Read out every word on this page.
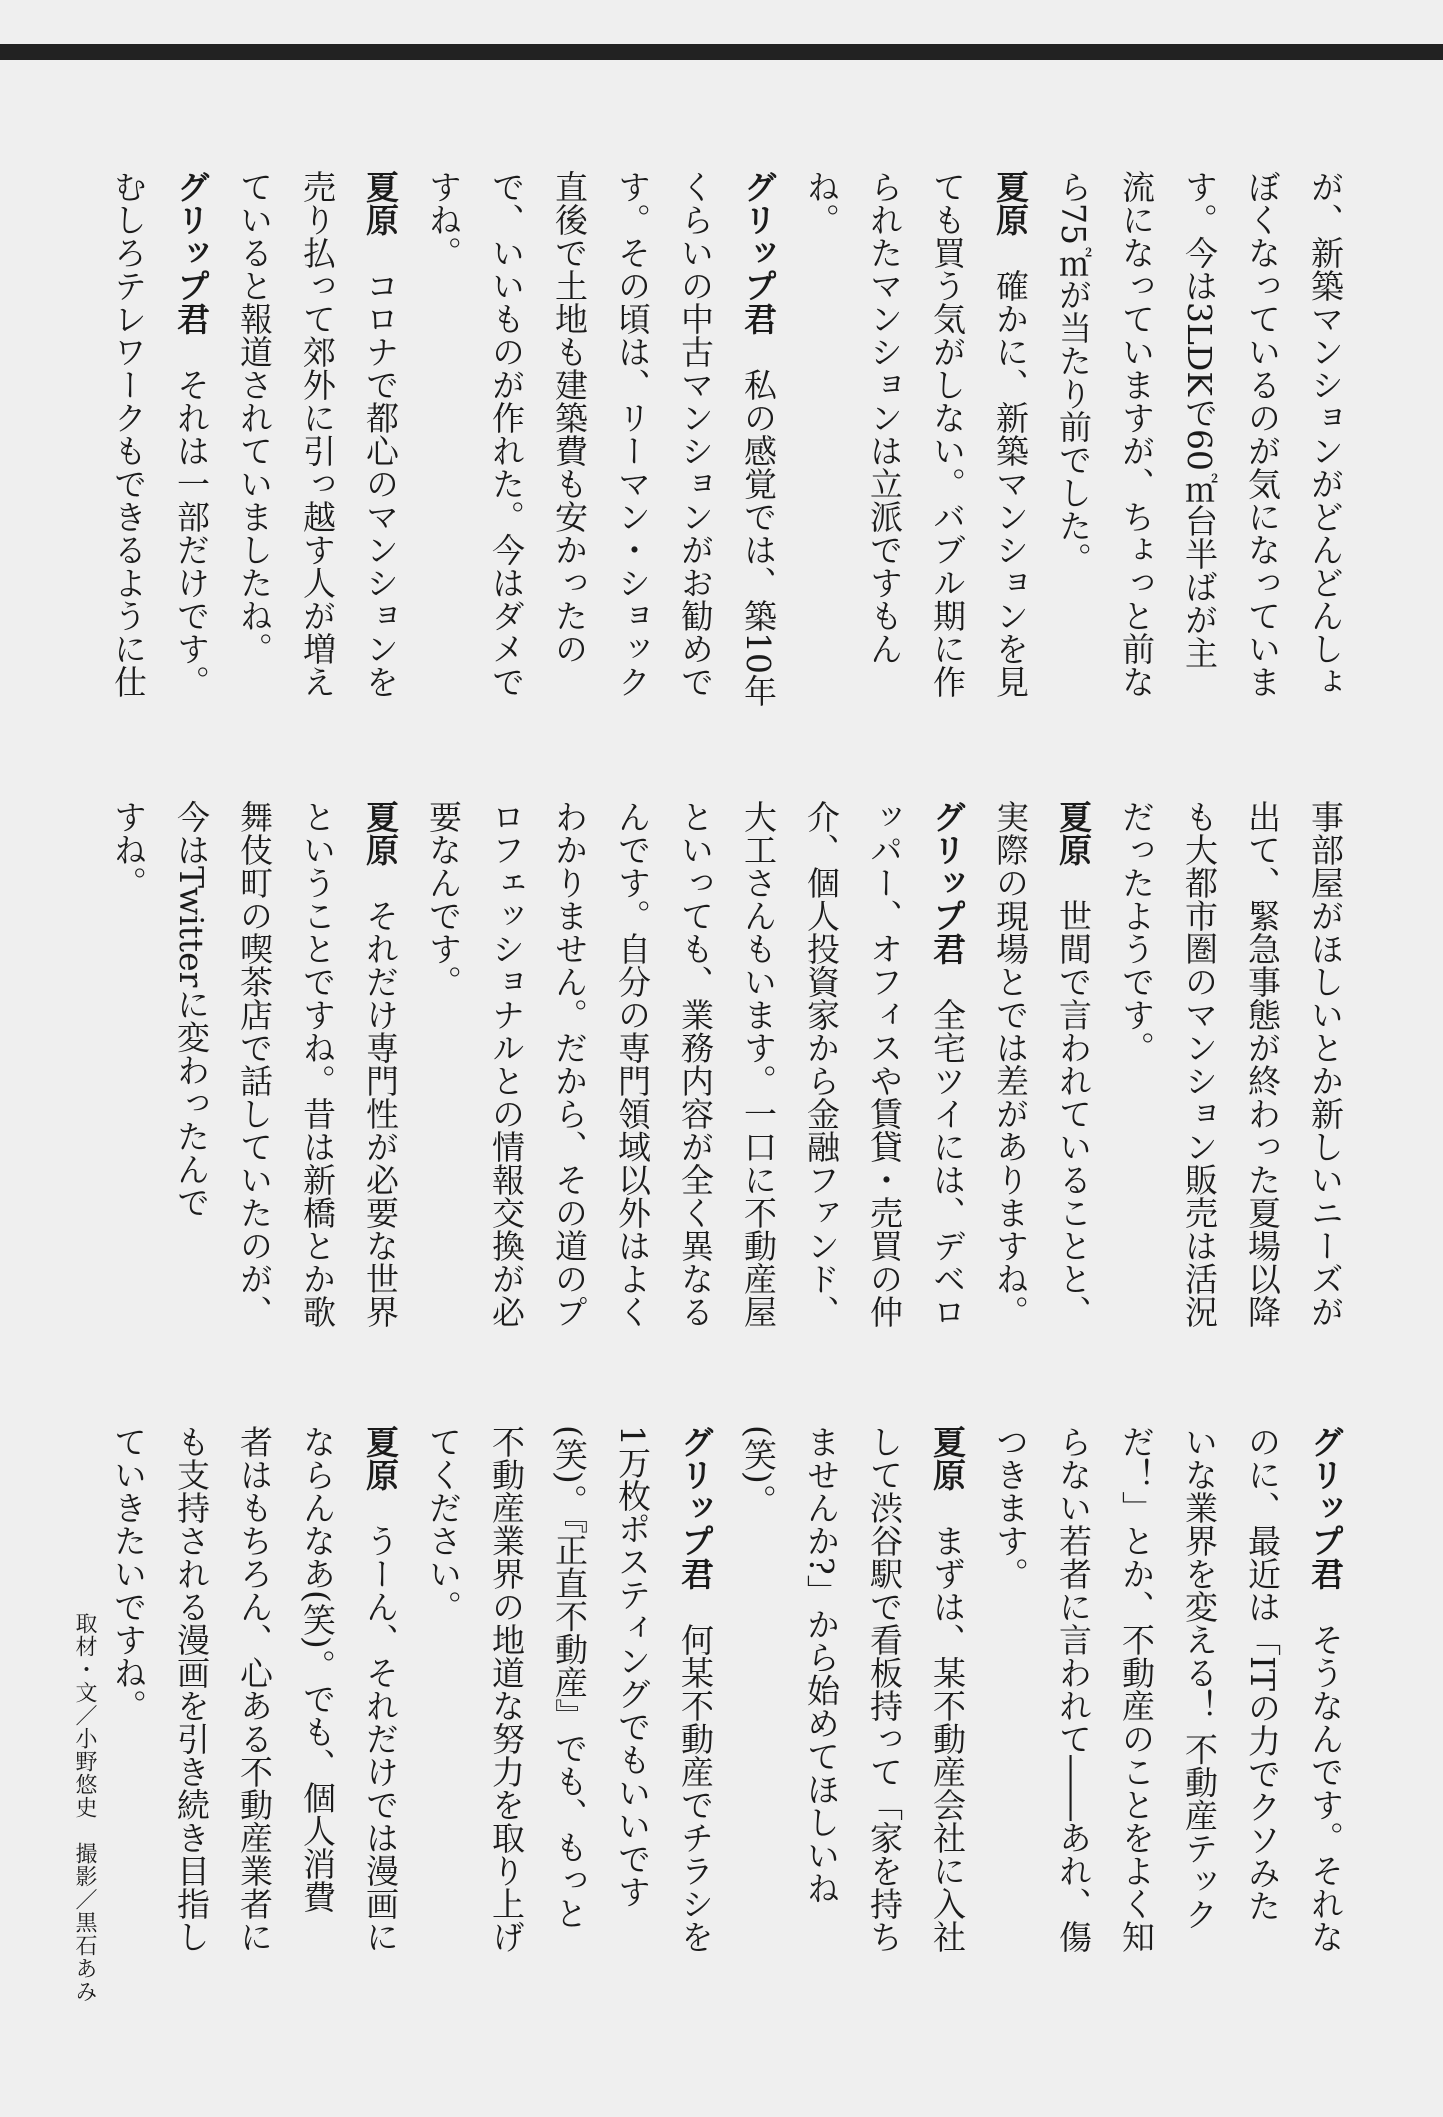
が、新築マンションがどんどんしょ
ぼくなっているのが気になっていま
す。今は3LDKで60㎡台半ばが主
流になっていますが、ちょっと前な
ら75㎡が当たり前でした。
夏原　確かに、新築マンションを見
ても買う気がしない。バブル期に作
られたマンションは立派ですもん
ね。
グリップ君　私の感覚では、築10年
くらいの中古マンションがお勧めで
す。その頃は、リーマン・ショック
直後で土地も建築費も安かったの
で、いいものが作れた。今はダメで
すね。
夏原　コロナで都心のマンションを
売り払って郊外に引っ越す人が増え
ていると報道されていましたね。
グリップ君　それは一部だけです。
むしろテレワークもできるように仕
事部屋がほしいとか新しいニーズが
出て、緊急事態が終わった夏場以降
も大都市圏のマンション販売は活況
だったようです。
夏原　世間で言われていることと、
実際の現場とでは差がありますね。
グリップ君　全宅ツイには、デベロ
ッパー、オフィスや賃貸・売買の仲
介、個人投資家から金融ファンド、
大工さんもいます。一口に不動産屋
といっても、業務内容が全く異なる
んです。自分の専門領域以外はよく
わかりません。だから、その道のプ
ロフェッショナルとの情報交換が必
要なんです。
夏原　それだけ専門性が必要な世界
ということですね。昔は新橋とか歌
舞伎町の喫茶店で話していたのが、
今はTwitterに変わったんで
すね。
グリップ君　そうなんです。それな
のに、最近は「ITの力でクソみた
いな業界を変える！ 不動産テック
だ！」とか、不動産のことをよく知
らない若者に言われて――あれ、傷
つきます。
夏原　まずは、某不動産会社に入社
して渋谷駅で看板持って「家を持ち
ませんか?」から始めてほしいね
(笑)。
グリップ君　何某不動産でチラシを
1万枚ポスティングでもいいです
(笑)。『正直不動産』でも、もっと
不動産業界の地道な努力を取り上げ
てください。
夏原　うーん、それだけでは漫画に
ならんなあ(笑)。でも、個人消費
者はもちろん、心ある不動産業者に
も支持される漫画を引き続き目指し
ていきたいですね。
取材・文／小野悠史　撮影／黒石あみ
